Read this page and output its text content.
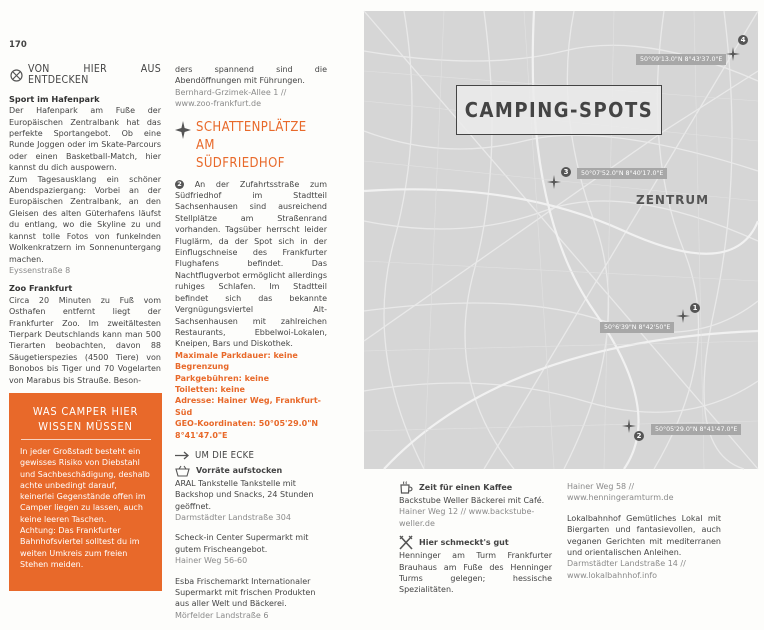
170
VON HIER AUS ENTDECKEN

Sport im Hafenpark

Der Hafenpark am Fuße der Europäischen Zentralbank hat das perfekte Sportangebot. Ob eine Runde Joggen oder im Skate-Parcours oder einen Basketball-Match, hier kannst du dich auspowern.

Zum Tagesausklang ein schöner Abendspaziergang: Vorbei an der Europäischen Zentralbank, an den Gleisen des alten Güterhafens läufst du entlang, wo die Skyline zu und kannst tolle Fotos von funkelnden Wolkenkratzern im Sonnenuntergang machen.

Eyssenstraße 8

Zoo Frankfurt

Circa 20 Minuten zu Fuß vom Osthafen entfernt liegt der Frankfurter Zoo. Im zweitältesten Tierpark Deutschlands kann man 500 Tierarten beobachten, davon 88 Säugetierspezies (4500 Tiere) von Bonobos bis Tiger und 70 Vogelarten von Marabus bis Strauße. Beson-

WAS CAMPER HIER
WISSEN MÜSSEN

In jeder Großstadt besteht ein gewisses Risiko von Diebstahl und Sachbeschädigung, deshalb achte unbedingt darauf, keinerlei Gegenstände offen im Camper liegen zu lassen, auch keine leeren Taschen.

Achtung: Das Frankfurter Bahnhofsviertel solltest du im weiten Umkreis zum freien Stehen meiden.

ders spannend sind die Abendöffnungen mit Führungen.

Bernhard-Grzimek-Allee 1 // www.zoo-frankfurt.de

SCHATTENPLÄTZE AM
SÜDFRIEDHOF

2 An der Zufahrtsstraße zum Südfriedhof im Stadtteil Sachsenhausen sind ausreichend Stellplätze am Straßenrand vorhanden. Tagsüber herrscht leider Fluglärm, da der Spot sich in der Einflugschneise des Frankfurter Flughafens befindet. Das Nachtflugverbot ermöglicht allerdings ruhiges Schlafen. Im Stadtteil befindet sich das bekannte Vergnügungsviertel Alt-Sachsenhausen mit zahlreichen Restaurants, Ebbelwoi-Lokalen, Kneipen, Bars und Diskothek.

Maximale Parkdauer: keine

Begrenzung

Parkgebühren: keine

Toiletten: keine

Adresse: Hainer Weg, Frankfurt-Süd

GEO-Koordinaten: 50°05'29.0"N

8°41'47.0"E

UM DIE ECKE
Vorräte aufstocken

ARAL Tankstelle Tankstelle mit Backshop und Snacks, 24 Stunden geöffnet.

Darmstädter Landstraße 304

Scheck-in Center Supermarkt mit gutem Frischeangebot.

Hainer Weg 56-60

Esba Frischemarkt Internationaler Supermarkt mit frischen Produkten aus aller Welt und Bäckerei.

Mörfelder Landstraße 6

CAMPING-SPOTS
ZENTRUM
50°09'13.0"N 8°43'37.0"E
4
50°07'52.0"N 8°40'17.0"E
3
1
50°6'39"N 8°42'50"E
2
50°05'29.0"N 8°41'47.0"E
Zeit für einen Kaffee

Backstube Weller Bäckerei mit Café.

Hainer Weg 12 // www.backstube-weller.de

Hier schmeckt's gut

Henninger am Turm Frankfurter Brauhaus am Fuße des Henninger Turms gelegen; hessische Spezialitäten.

Hainer Weg 58 // www.henningeramturm.de

Lokalbahnhof Gemütliches Lokal mit Biergarten und fantasievollen, auch veganen Gerichten mit mediterranen und orientalischen Anleihen.

Darmstädter Landstraße 14 // www.lokalbahnhof.info
